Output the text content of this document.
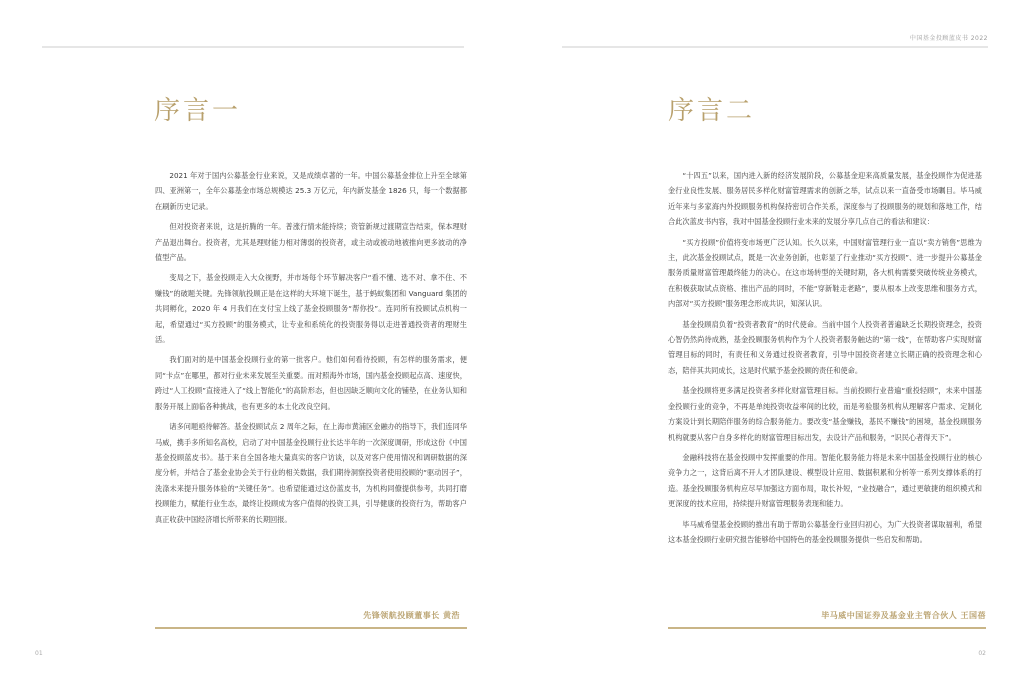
序言一

2021 年对于国内公募基金行业来说，又是成绩卓著的一年。中国公募基金排位上升至全球第四、亚洲第一，全年公募基金市场总规模达 25.3 万亿元，年内新发基金 1826 只，每一个数据都在刷新历史记录。

但对投资者来说，这是折腾的一年。普涨行情未能持续；资管新规过渡期宣告结束，保本理财产品退出舞台。投资者，尤其是理财能力相对薄弱的投资者，或主动或被动地被推向更多波动的净值型产品。

变局之下，基金投顾走入大众视野，并市场每个环节解决客户“看不懂、选不对、拿不住、不赚钱”的破题关键。先锋领航投顾正是在这样的大环境下诞生，基于蚂蚁集团和 Vanguard 集团的共同孵化，2020 年 4 月我们在支付宝上线了基金投顾服务“帮你投”。连同所有投顾试点机构一起，希望通过“买方投顾”的服务模式，让专业和系统化的投资服务得以走进普通投资者的理财生活。

我们面对的是中国基金投顾行业的第一批客户。他们如何看待投顾，有怎样的服务需求，便同“卡点”在哪里，都对行业未来发展至关重要。而对照海外市场，国内基金投顾起点高、速度快，跨过“人工投顾”直接进入了“线上智能化”的高阶形态，但也因缺乏顺向文化的铺垫，在业务认知和服务开展上面临各种挑战，也有更多的本土化改良空间。

诸多问题亟待解答。基金投顾试点 2 周年之际，在上海市黄浦区金融办的指导下，我们连同华马威，携手多所知名高校，启动了对中国基金投顾行业长达半年的一次深度调研，形成这份《中国基金投顾蓝皮书》。基于来自全国各地大量真实的客户访谈，以及对客户使用情况和调研数据的深度分析，并结合了基金业协会关于行业的相关数据，我们期待洞察投资者使用投顾的“驱动因子”，洗涤未来提升服务体验的“关键任务”。也希望能通过这份蓝皮书，为机构同僚提供参考，共同打磨投顾能力，赋能行业生态，最终让投顾成为客户值得的投资工具，引导健康的投资行为，帮助客户真正收获中国经济增长所带来的长期回报。

先锋领航投顾董事长 黄浩
01
中国基金投顾蓝皮书 2022
序言二

“十四五”以来，国内进入新的经济发展阶段，公募基金迎来高质量发展，基金投顾作为促进基金行业良性发展、服务居民多样化财富管理需求的创新之举，试点以来一直备受市场瞩目。毕马威近年来与多家海内外投顾服务机构保持密切合作关系，深度参与了投顾服务的规划和落地工作，结合此次蓝皮书内容，我对中国基金投顾行业未来的发展分享几点自己的看法和建议：

“买方投顾”价值将变市场更广泛认知。长久以来，中国财富管理行业一直以“卖方销售”思维为主，此次基金投顾试点，既是一次业务创新，也彰显了行业推动“买方投顾”、进一步提升公募基金服务质量财富管理最终能力的决心。在这市场转型的关键时期，各大机构需要突破传统业务模式，在积极获取试点资格、推出产品的同时，不能“穿新鞋走老路”，要从根本上改变思维和服务方式，内部对“买方投顾”服务理念形成共识，知深认识。

基金投顾肩负着“投资者教育”的时代使命。当前中国个人投资者普遍缺乏长期投资理念，投资心智仍然尚待成熟，基金投顾服务机构作为个人投资者服务触达的“第一线”，在帮助客户实现财富管理目标的同时，有责任和义务通过投资者教育，引导中国投资者建立长期正确的投资理念和心态，陪伴其共同成长，这是时代赋予基金投顾的责任和使命。

基金投顾将更多满足投资者多样化财富管理目标。当前投顾行业普遍“重投轻顾”，未来中国基金投顾行业的竞争，不再是单纯投资收益率间的比较，而是考验服务机构从理解客户需求、定制化方案设计到长期陪伴服务的综合服务能力。要改变“基金赚钱，基民不赚钱”的困境，基金投顾服务机构就要从客户自身多样化的财富管理目标出发，去设计产品和服务，“识民心者得天下”。

金融科技将在基金投顾中发挥重要的作用。智能化服务能力将是未来中国基金投顾行业的核心竞争力之一，这背后离不开人才团队建设、模型设计应用、数据积累和分析等一系列支撑体系的打造。基金投顾服务机构应尽早加强这方面布局，取长补短，“业技融合”，通过更敏捷的组织模式和更深度的技术应用，持续提升财富管理服务表现和能力。

毕马威希望基金投顾的推出有助于帮助公募基金行业回归初心，为广大投资者谋取福利，希望这本基金投顾行业研究报告能够给中国特色的基金投顾服务提供一些启发和帮助。

毕马威中国证券及基金业主管合伙人 王国蓓
02
